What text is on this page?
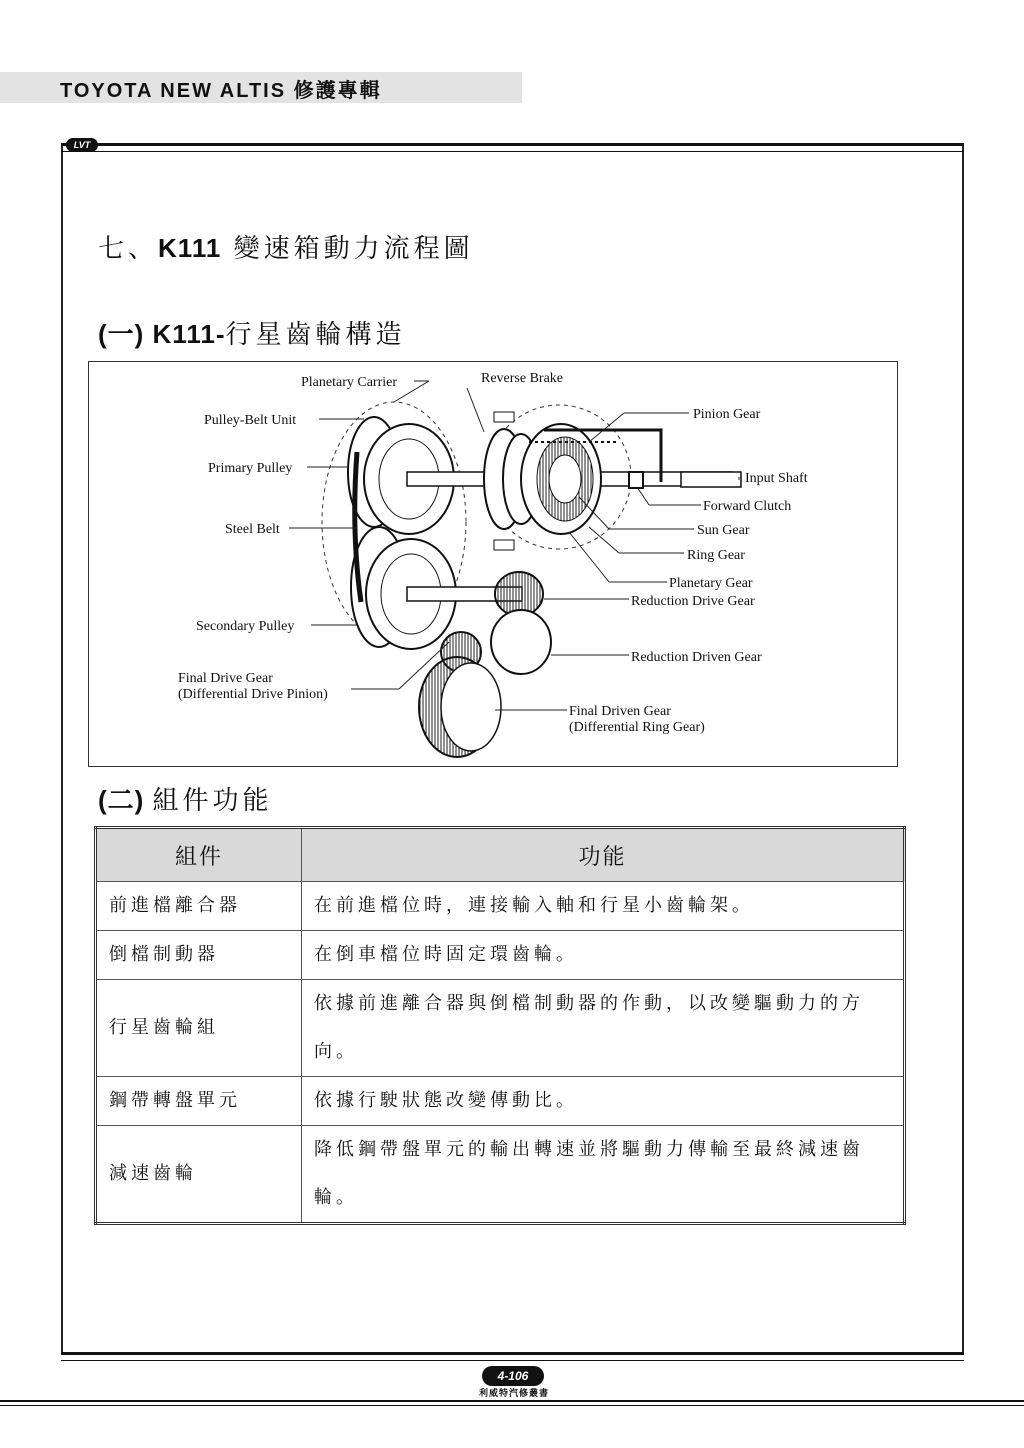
TOYOTA NEW ALTIS 修護專輯
LVT
七、K111 變速箱動力流程圖
(一) K111-行星齒輪構造
Planetary Carrier	Reverse Brake
Pulley-Belt Unit	Pinion Gear
Primary Pulley
Input Shaft
Forward Clutch
Steel Belt	Sun Gear
Ring Gear
Planetary Gear
Reduction Drive Gear
Secondary Pulley
Reduction Driven Gear
Final Drive Gear
(Differential Drive Pinion)
Final Driven Gear
(Differential Ring Gear)
(二) 組件功能
組件	功能
前進檔離合器	在前進檔位時，連接輸入軸和行星小齒輪架。
倒檔制動器	在倒車檔位時固定環齒輪。
行星齒輪組	依據前進離合器與倒檔制動器的作動，以改變驅動力的方向。
鋼帶轉盤單元	依據行駛狀態改變傳動比。
減速齒輪	降低鋼帶盤單元的輸出轉速並將驅動力傳輸至最終減速齒輪。
4-106
利威特汽修叢書
